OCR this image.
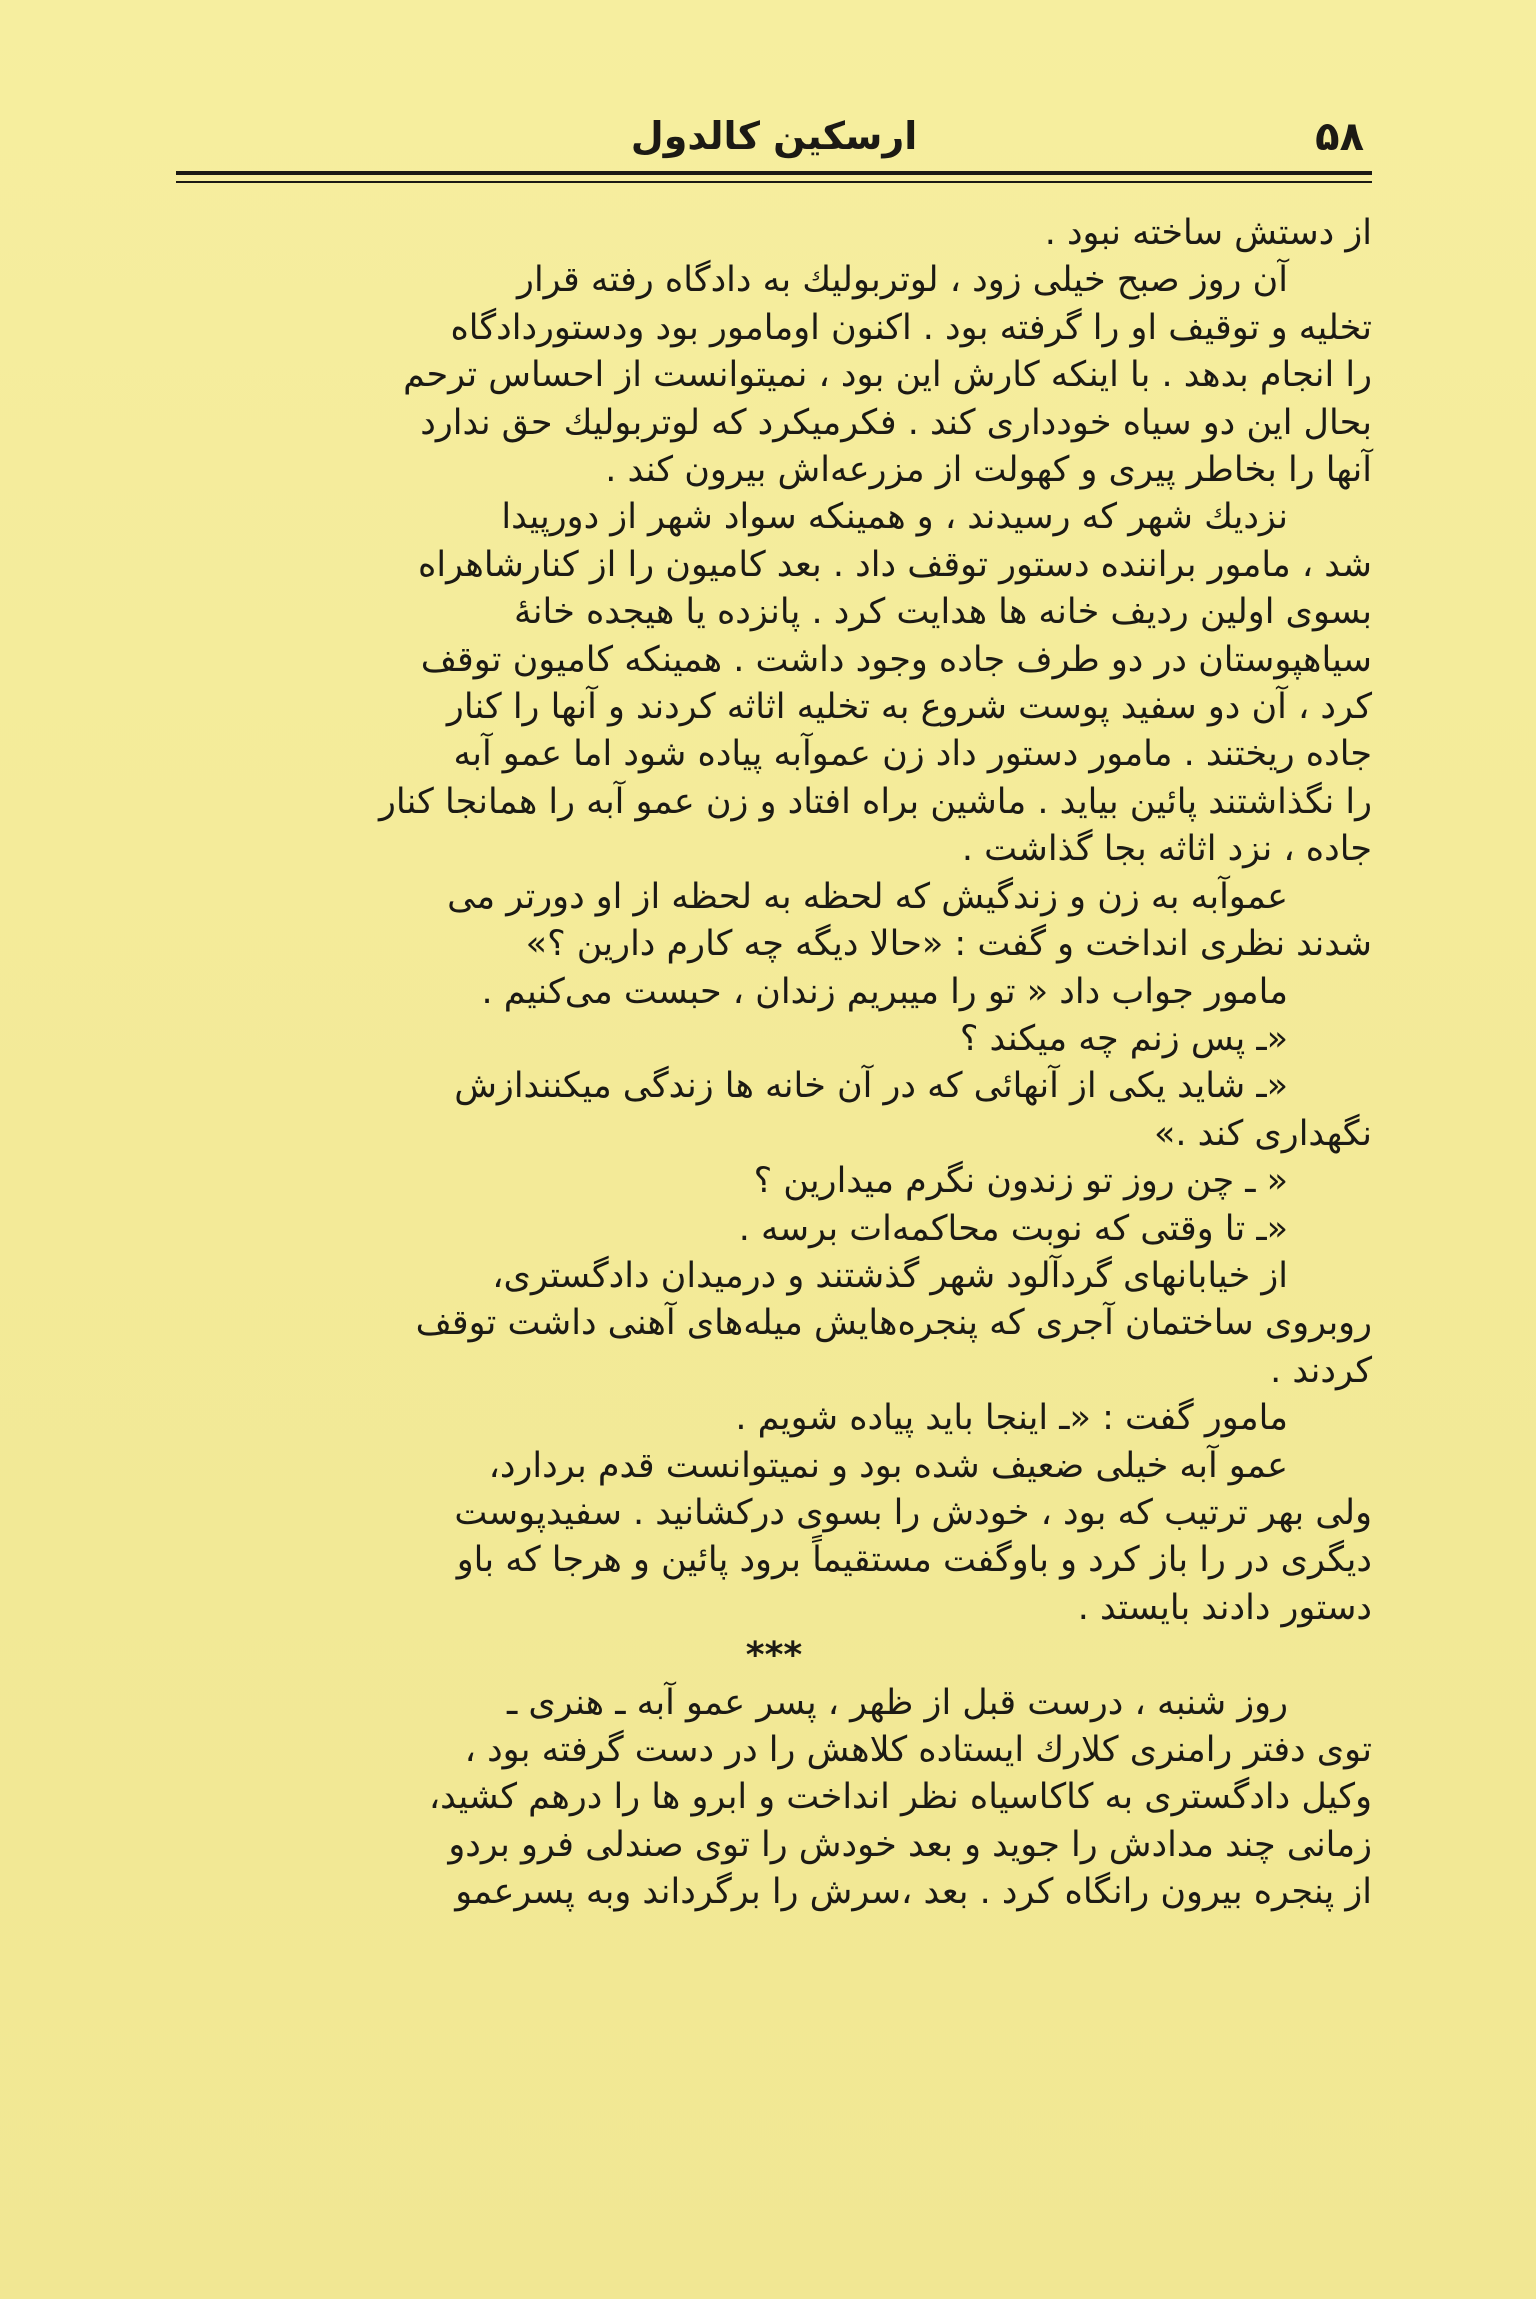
۵۸
ارسکین کالدول

از دستش ساخته نبود .

آن روز صبح خیلی زود ، لوتربولیك به دادگاه رفته قرار

تخلیه و توقیف او را گرفته بود . اکنون اومامور بود ودستوردادگاه

را انجام بدهد . با اینکه کارش این بود ، نمیتوانست از احساس ترحم

بحال این دو سیاه خودداری کند . فکرمیکرد که لوتربولیك حق ندارد

آنها را بخاطر پیری و کهولت از مزرعه‌اش بیرون کند .

نزدیك شهر که رسیدند ، و همینکه سواد شهر از دورپیدا

شد ، مامور براننده دستور توقف داد . بعد کامیون را از کنارشاهراه

بسوی اولین ردیف خانه ها هدایت کرد . پانزده یا هیجده خانهٔ

سیاهپوستان در دو طرف جاده وجود داشت . همینکه کامیون توقف

کرد ، آن دو سفید پوست شروع به تخلیه اثاثه کردند و آنها را کنار

جاده ریختند . مامور دستور داد زن عموآبه پیاده شود اما عمو آبه

را نگذاشتند پائین بیاید . ماشین براه افتاد و زن عمو آبه را همانجا کنار

جاده ، نزد اثاثه بجا گذاشت .

عموآبه به زن و زندگیش که لحظه به لحظه از او دورتر می

شدند نظری انداخت و گفت : «حالا دیگه چه کارم دارین ؟»

مامور جواب داد « تو را میبریم زندان ، حبست می‌کنیم .

«ـ پس زنم چه میکند ؟

«ـ شاید یکی از آنهائی که در آن خانه ها زندگی میکنندازش

نگهداری کند .»

« ـ چن روز تو زندون نگرم میدارین ؟

«ـ تا وقتی که نوبت محاکمه‌ات برسه .

از خیابانهای گردآلود شهر گذشتند و درمیدان دادگستری،

روبروی ساختمان آجری که پنجره‌هایش میله‌های آهنی داشت توقف

کردند .

مامور گفت : «ـ اینجا باید پیاده شویم .

عمو آبه خیلی ضعیف شده بود و نمیتوانست قدم بردارد،

ولی بهر ترتیب که بود ، خودش را بسوی درکشانید . سفیدپوست

دیگری در را باز کرد و باوگفت مستقیماً برود پائین و هرجا که باو

دستور دادند بایستد .

***

روز شنبه ، درست قبل از ظهر ، پسر عمو آبه ـ هنری ـ

توی دفتر رامنری کلارك ایستاده کلاهش را در دست گرفته بود ،

وکیل دادگستری به کاکاسیاه نظر انداخت و ابرو ها را درهم کشید،

زمانی چند مدادش را جوید و بعد خودش را توی صندلی فرو بردو

از پنجره بیرون رانگاه کرد . بعد ،سرش را برگرداند وبه پسرعمو
